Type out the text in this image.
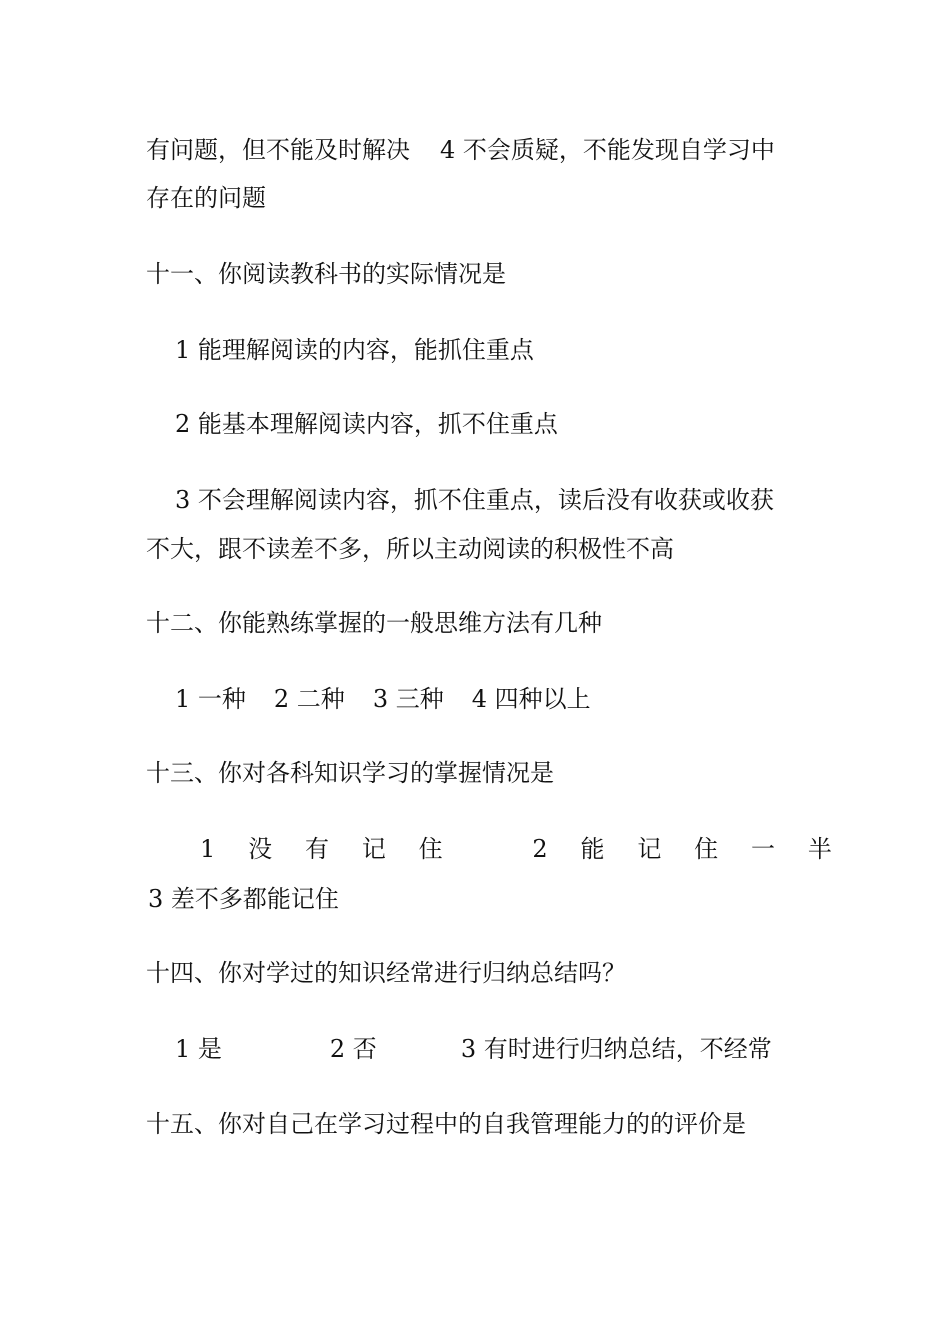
有问题，但不能及时解决 4 不会质疑，不能发现自学习中
存在的问题
十一、你阅读教科书的实际情况是
1 能理解阅读的内容，能抓住重点
2 能基本理解阅读内容，抓不住重点
3 不会理解阅读内容，抓不住重点，读后没有收获或收获
不大，跟不读差不多，所以主动阅读的积极性不高
十二、你能熟练掌握的一般思维方法有几种
1 一种 2 二种 3 三种 4 四种以上
十三、你对各科知识学习的掌握情况是
1 没 有 记 住	2 能 记 住 一 半
3 差不多都能记住
十四、你对学过的知识经常进行归纳总结吗？
1 是	2 否	3 有时进行归纳总结，不经常
十五、你对自己在学习过程中的自我管理能力的的评价是
